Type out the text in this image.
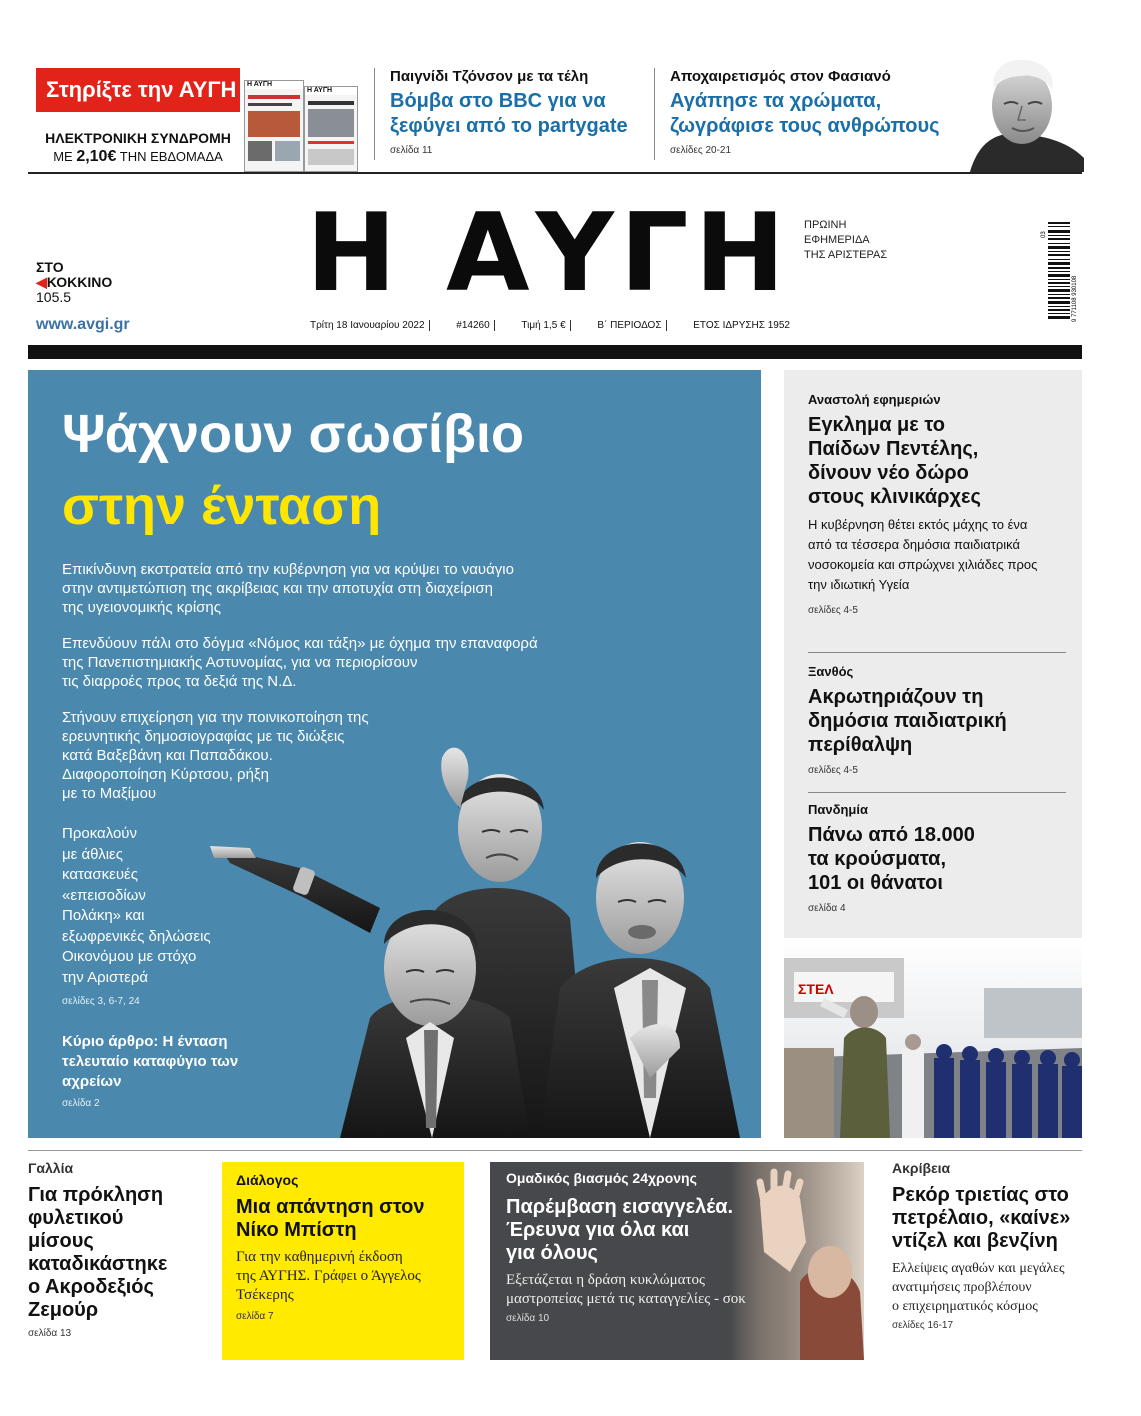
Στηρίξτε την ΑΥΓΗ
ΗΛΕΚΤΡΟΝΙΚΗ ΣΥΝΔΡΟΜΗ
ΜΕ 2,10€ ΤΗΝ ΕΒΔΟΜΑΔΑ
Η ΑΥΓΗ
Η ΑΥΓΗ
Παιγνίδι Τζόνσον με τα τέλη
Βόμβα στο BBC για να
ξεφύγει από το partygate
σελίδα 11
Αποχαιρετισμός στον Φασιανό
Αγάπησε τα χρώματα,
ζωγράφισε τους ανθρώπους
σελίδες 20-21
ΣΤΟ
◀ΚΟΚΚΙΝΟ
105.5
www.avgi.gr
Η ΑΥΓΗ ΠΡΩΙΝΗ
ΕΦΗΜΕΡΙΔΑ
ΤΗΣ ΑΡΙΣΤΕΡΑΣ
Τρίτη 18 Ιανουαρίου 2022	#14260	Τιμή 1,5 €	Β΄ ΠΕΡΙΟΔΟΣ	ΕΤΟΣ ΙΔΡΥΣΗΣ 1952
9 771108 930108
03
Ψάχνουν σωσίβιο
στην ένταση
Επικίνδυνη εκστρατεία από την κυβέρνηση για να κρύψει το ναυάγιο
στην αντιμετώπιση της ακρίβειας και την αποτυχία στη διαχείριση
της υγειονομικής κρίσης
Επενδύουν πάλι στο δόγμα «Νόμος και τάξη» με όχημα την επαναφορά
της Πανεπιστημιακής Αστυνομίας, για να περιορίσουν
τις διαρροές προς τα δεξιά της Ν.Δ.
Στήνουν επιχείρηση για την ποινικοποίηση της
ερευνητικής δημοσιογραφίας με τις διώξεις
κατά Βαξεβάνη και Παπαδάκου.
Διαφοροποίηση Κύρτσου, ρήξη
με το Μαξίμου
Προκαλούν
με άθλιες
κατασκευές
«επεισοδίων
Πολάκη» και
εξωφρενικές δηλώσεις
Οικονόμου με στόχο
την Αριστερά
σελίδες 3, 6-7, 24
Κύριο άρθρο: Η ένταση
τελευταίο καταφύγιο των
αχρείων
σελίδα 2
Αναστολή εφημεριών
Εγκλημα με το
Παίδων Πεντέλης,
δίνουν νέο δώρο
στους κλινικάρχες
Η κυβέρνηση θέτει εκτός μάχης το ένα
από τα τέσσερα δημόσια παιδιατρικά
νοσοκομεία και σπρώχνει χιλιάδες προς
την ιδιωτική Υγεία
σελίδες 4-5
Ξανθός
Ακρωτηριάζουν τη
δημόσια παιδιατρική
περίθαλψη
σελίδες 4-5
Πανδημία
Πάνω από 18.000
τα κρούσματα,
101 οι θάνατοι
σελίδα 4
ΣΤΕΛ
Γαλλία
Για πρόκληση
φυλετικού
μίσους
καταδικάστηκε
ο Ακροδεξιός
Ζεμούρ
σελίδα 13
Διάλογος
Μια απάντηση στον
Νίκο Μπίστη
Για την καθημερινή έκδοση
της ΑΥΓΗΣ. Γράφει ο Άγγελος
Τσέκερης
σελίδα 7
Ομαδικός βιασμός 24χρονης
Παρέμβαση εισαγγελέα.
Έρευνα για όλα και
για όλους
Εξετάζεται η δράση κυκλώματος
μαστροπείας μετά τις καταγγελίες - σοκ
σελίδα 10
Ακρίβεια
Ρεκόρ τριετίας στο
πετρέλαιο, «καίνε»
ντίζελ και βενζίνη
Ελλείψεις αγαθών και μεγάλες
ανατιμήσεις προβλέπουν
ο επιχειρηματικός κόσμος
σελίδες 16-17
